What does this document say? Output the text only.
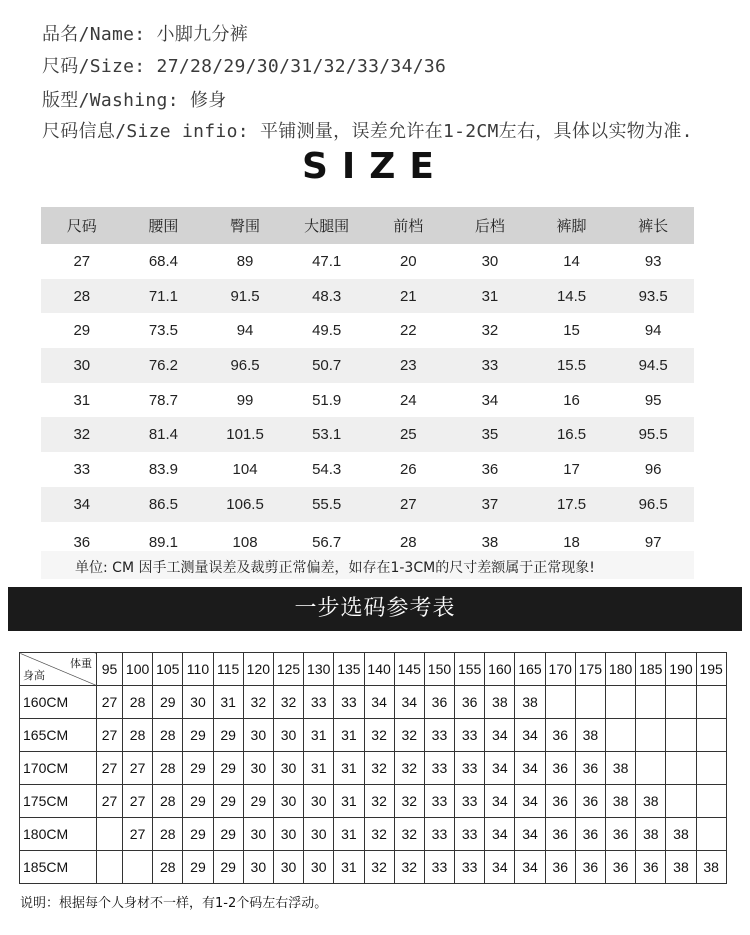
品名/Name: 小脚九分裤

尺码/Size: 27/28/29/30/31/32/33/34/36

版型/Washing: 修身

尺码信息/Size infio: 平铺测量，误差允许在1-2CM左右，具体以实物为准.

SIZE
尺码	腰围	臀围	大腿围	前档	后档	裤脚	裤长
27	68.4	89	47.1	20	30	14	93
28	71.1	91.5	48.3	21	31	14.5	93.5
29	73.5	94	49.5	22	32	15	94
30	76.2	96.5	50.7	23	33	15.5	94.5
31	78.7	99	51.9	24	34	16	95
32	81.4	101.5	53.1	25	35	16.5	95.5
33	83.9	104	54.3	26	36	17	96
34	86.5	106.5	55.5	27	37	17.5	96.5
36	89.1	108	56.7	28	38	18	97

单位: CM 因手工测量误差及裁剪正常偏差，如存在1-3CM的尺寸差额属于正常现象!

一步选码参考表
体重
身高	95	100	105	110	115	120	125	130	135	140	145	150	155	160	165	170	175	180	185	190	195
160CM	27	28	29	30	31	32	32	33	33	34	34	36	36	38	38						
165CM	27	28	28	29	29	30	30	31	31	32	32	33	33	34	34	36	38				
170CM	27	27	28	29	29	30	30	31	31	32	32	33	33	34	34	36	36	38			
175CM	27	27	28	29	29	29	30	30	31	32	32	33	33	34	34	36	36	38	38		
180CM		27	28	29	29	30	30	30	31	32	32	33	33	34	34	36	36	36	38	38	
185CM			28	29	29	30	30	30	31	32	32	33	33	34	34	36	36	36	36	38	38

说明：根据每个人身材不一样，有1-2个码左右浮动。
